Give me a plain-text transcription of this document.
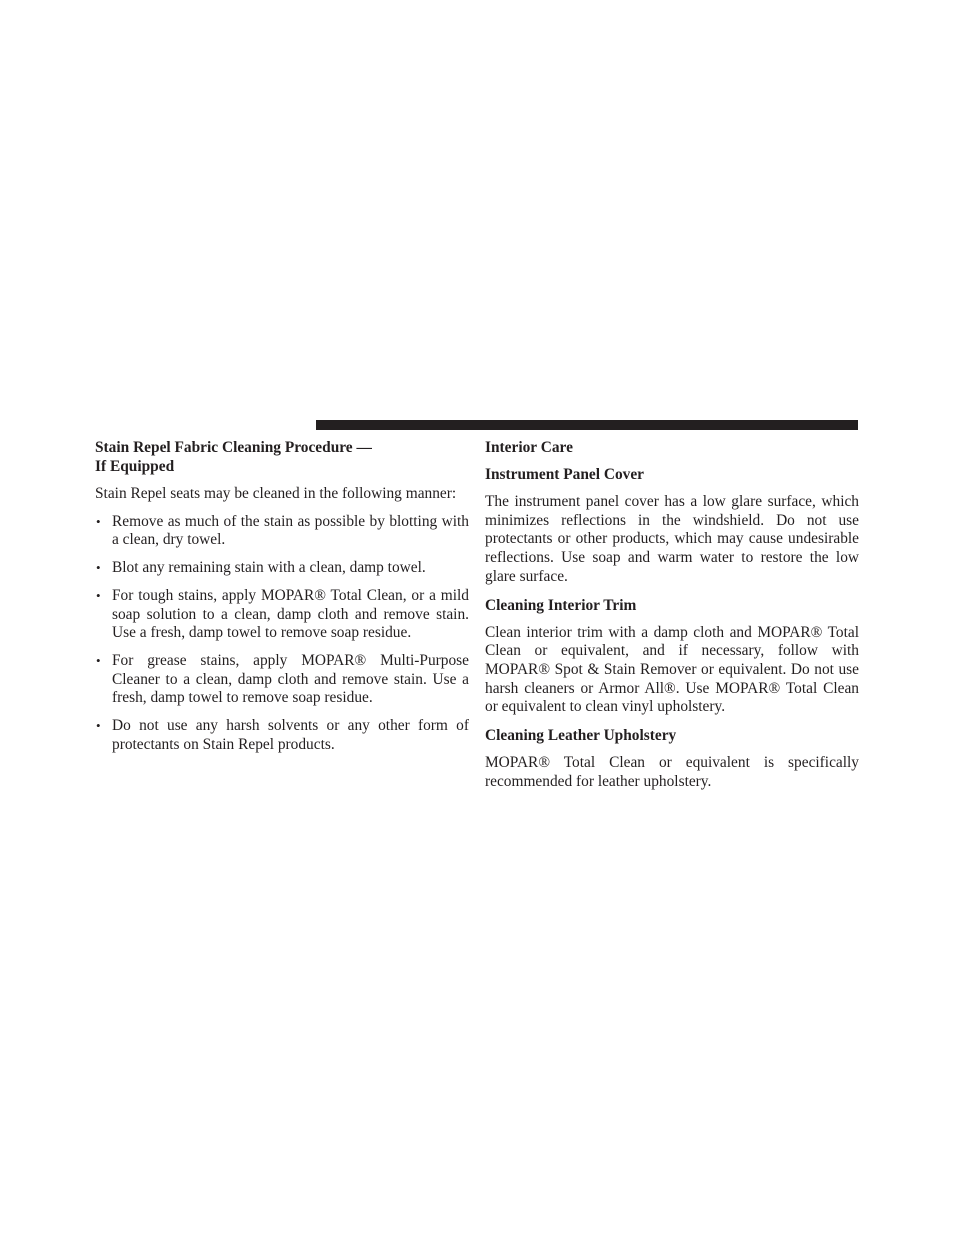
Stain Repel Fabric Cleaning Procedure —
If Equipped

Stain Repel seats may be cleaned in the following manner:

• Remove as much of the stain as possible by blotting with a clean, dry towel.
• Blot any remaining stain with a clean, damp towel.
• For tough stains, apply MOPAR® Total Clean, or a mild soap solution to a clean, damp cloth and remove stain. Use a fresh, damp towel to remove soap residue.
• For grease stains, apply MOPAR® Multi-Purpose Cleaner to a clean, damp cloth and remove stain. Use a fresh, damp towel to remove soap residue.
• Do not use any harsh solvents or any other form of protectants on Stain Repel products.
Interior Care
Instrument Panel Cover

The instrument panel cover has a low glare surface, which minimizes reflections in the windshield. Do not use protectants or other products, which may cause undesirable reflections. Use soap and warm water to restore the low glare surface.

Cleaning Interior Trim

Clean interior trim with a damp cloth and MOPAR® Total Clean or equivalent, and if necessary, follow with MOPAR® Spot & Stain Remover or equivalent. Do not use harsh cleaners or Armor All®. Use MOPAR® Total Clean or equivalent to clean vinyl upholstery.

Cleaning Leather Upholstery

MOPAR® Total Clean or equivalent is specifically recommended for leather upholstery.
